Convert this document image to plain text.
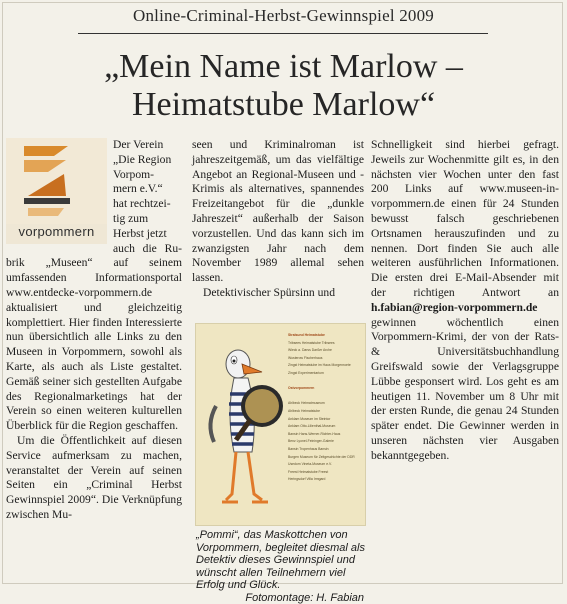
Online-Criminal-Herbst-Gewinnspiel 2009
„Mein Name ist Marlow –
Heimatstube Marlow“
vorpommern

Der Verein
„Die Region
Vorpom-
mern e.V.“
hat rechtzei-
tig zum
Herbst jetzt
auch die Ru- brik „Museen“ auf seinem umfassenden Informationsportal www.entdecke-vorpommern.de aktualisiert und gleichzeitig komplettiert. Hier finden Interessierte nun übersichtlich alle Links zu den Museen in Vorpommern, sowohl als Karte, als auch als Liste gestaltet. Gemäß seiner sich gestellten Aufgabe des Regionalmarketings hat der Verein so einen weiteren kulturellen Überblick für die Region geschaffen.

Um die Öffentlichkeit auf diesen Service aufmerksam zu machen, veranstaltet der Verein auf seinen Seiten ein „Criminal Herbst Gewinnspiel 2009“. Die Verknüpfung zwischen Mu-

seen und Kriminalroman ist jahreszeitgemäß, um das vielfältige Angebot an Regional-Museen und -Krimis als alternatives, spannendes Freizeitangebot für die „dunkle Jahreszeit“ außerhalb der Saison vorzustellen. Und das kann sich im zwanzigsten Jahr nach dem November 1989 allemal sehen lassen.

Detektivischer Spürsinn und

Stralsund Heimatstube
Tribsees Heimatstube Tribsees
Wieck a. Darss Darßer Arche
Wusterow Fischerhaus
Zingst Heimatstube im Haus Morgenroete
Zingst Experimentarium

Ostvorpommern

Ahlbeck Heimatmuseum
Ahlbeck Heimatstube
Anklam Museum im Steintor
Anklam Otto-Lilienthal-Museum
Bansin Hans-Werner-Richter-Haus
Benz Lyonel-Feininger-Galerie
Bansin Tropenhaus Bansin
Burgen Museum für Zeitgeschichte der DDR
Usedom Vineta-Museum e.V.
Freest Heimatstube Freest
Heringsdorf Villa Irmgard
„Pommi“, das Maskottchen von Vorpommern, begleitet diesmal als Detektiv dieses Gewinnspiel und wünscht allen Teilnehmern viel Erfolg und Glück.
Fotomontage: H. Fabian

Schnelligkeit sind hierbei gefragt. Jeweils zur Wochenmitte gilt es, in den nächsten vier Wochen unter den fast 200 Links auf www.museen-in-vorpommern.de einen für 24 Stunden bewusst falsch geschriebenen Ortsnamen herauszufinden und zu nennen. Dort finden Sie auch alle weiteren ausführlichen Informationen. Die ersten drei E-Mail-Absender mit der richtigen Antwort an h.fabian@region-vorpommern.de gewinnen wöchentlich einen Vorpommern-Krimi, der von der Rats- & Universitätsbuchhandlung Greifswald sowie der Verlagsgruppe Lübbe gesponsert wird. Los geht es am heutigen 11. November um 8 Uhr mit der ersten Runde, die genau 24 Stunden später endet. Die Gewinner werden in unseren nächsten vier Ausgaben bekanntgegeben.
